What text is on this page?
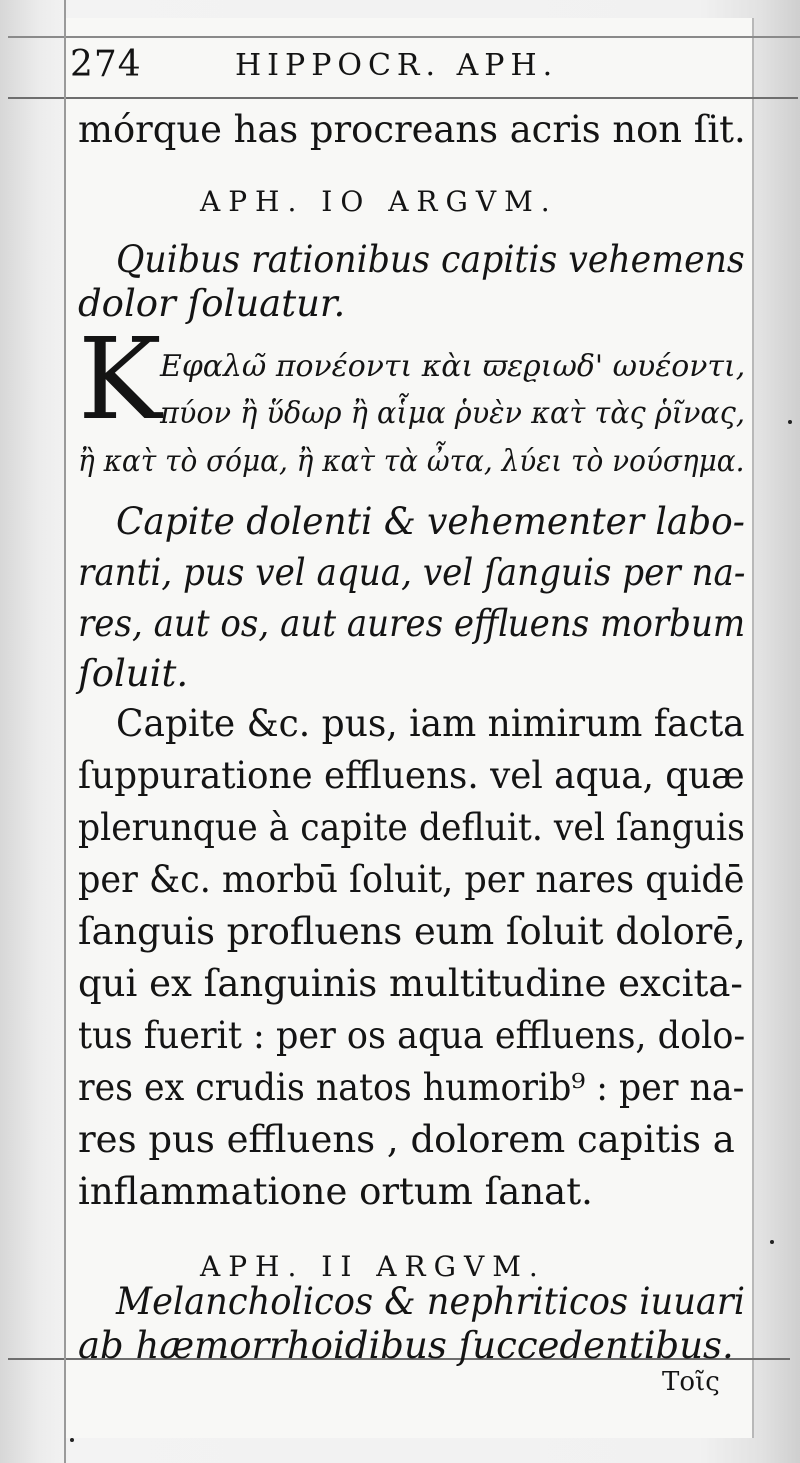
274	HIPPOCR. APH.
mórque has procreans acris non ſit.
APH. IO ARGVM.
Quibus rationibus capitis vehemens
dolor ſoluatur.
K
Εφαλω̃ πονέοντι κὰι ϖεϱιωδ' ωυέοντι,
πύον ἢ ὕδωρ ἢ αἷμα ῥυὲν κατ̀ τὰς ῥῖνας,
ἢ κατ̀ τὸ σόμα, ἢ κατ̀ τὰ ὦτα, λύει τὸ νούσημα.
Capite dolenti & vehementer labo-
ranti, pus vel aqua, vel ſanguis per na-
res, aut os, aut aures effluens morbum
ſoluit.
Capite &c. pus, iam nimirum facta
ſuppuratione effluens. vel aqua, quæ
plerunque à capite defluit. vel ſanguis
per &c. morbū ſoluit, per nares quidē
ſanguis profluens eum ſoluit dolorē,
qui ex ſanguinis multitudine excita-
tus fuerit : per os aqua effluens, dolo-
res ex crudis natos humorib⁹ : per na-
res pus effluens , dolorem capitis a
inflammatione ortum ſanat.
APH. II ARGVM.
Melancholicos & nephriticos iuuari
ab hæmorrhoidibus ſuccedentibus.
Τοῖς
